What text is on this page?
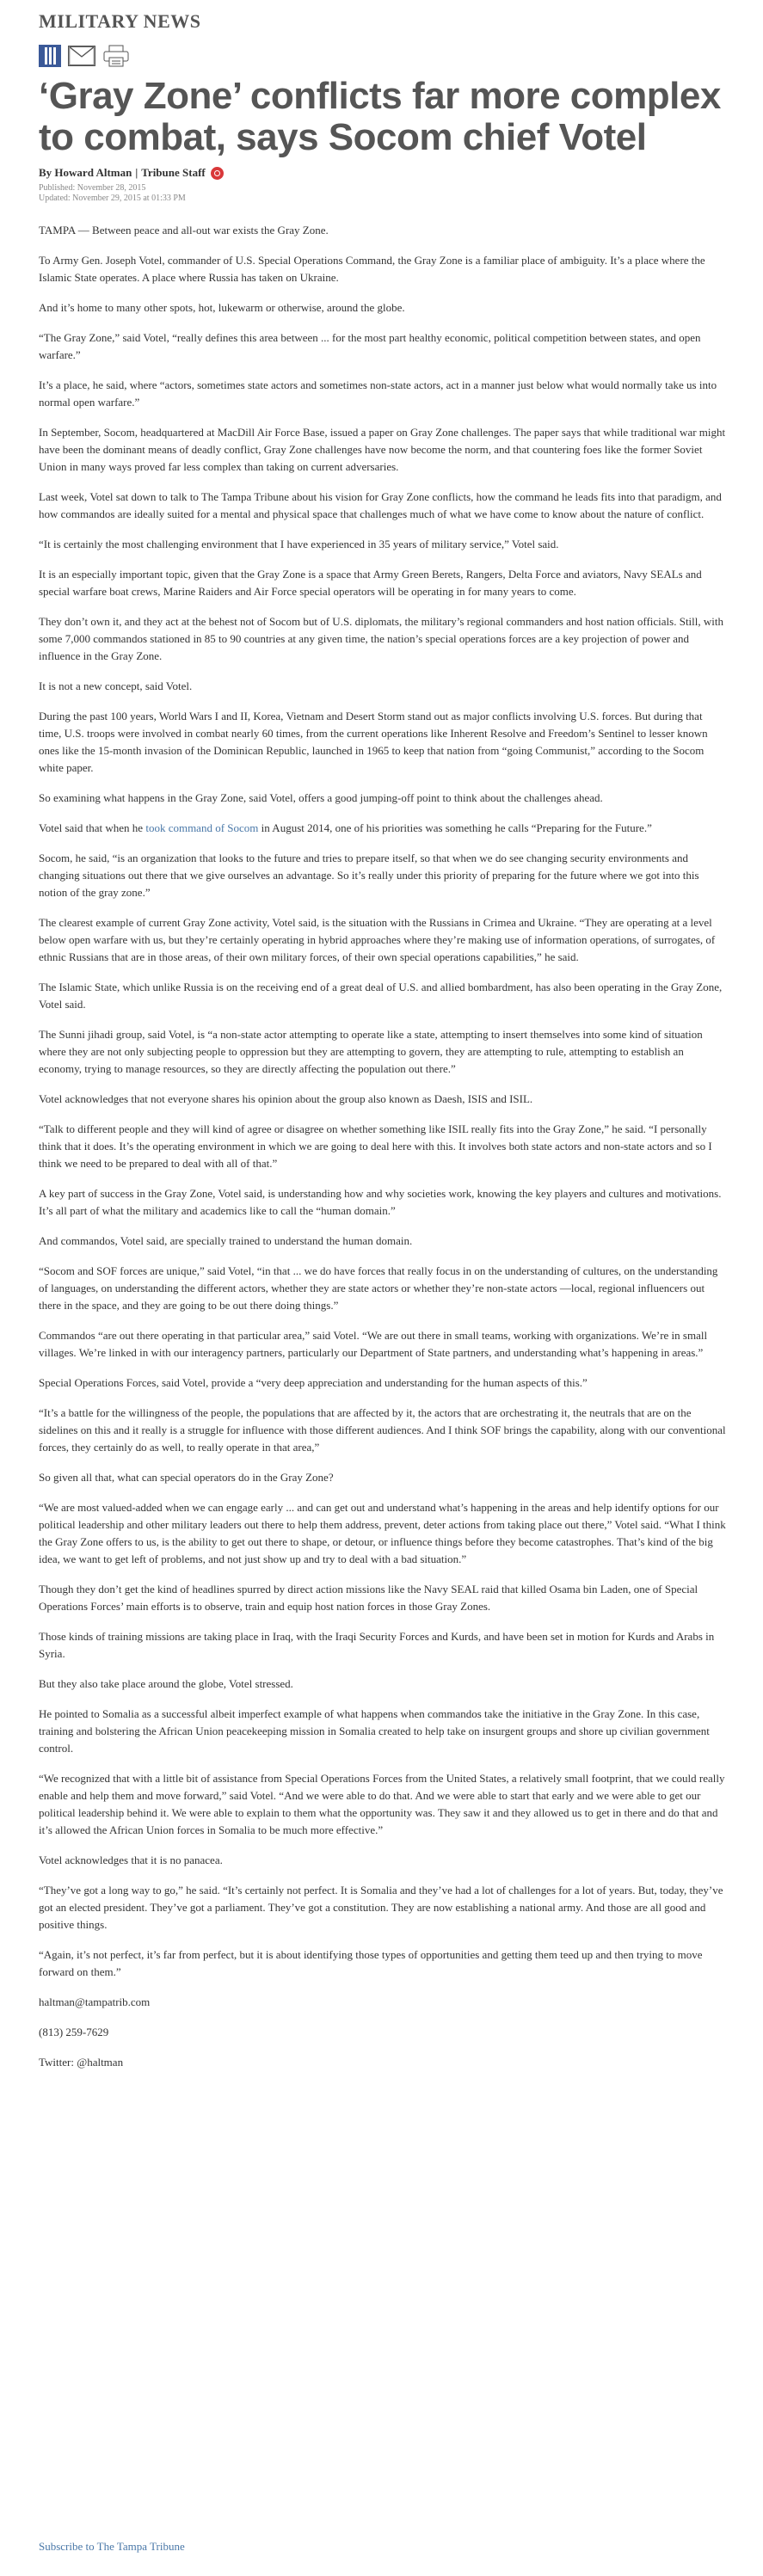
MILITARY NEWS
‘Gray Zone’ conflicts far more complex to combat, says Socom chief Votel
By Howard Altman | Tribune Staff
Published: November 28, 2015
Updated: November 29, 2015 at 01:33 PM

TAMPA — Between peace and all-out war exists the Gray Zone.

To Army Gen. Joseph Votel, commander of U.S. Special Operations Command, the Gray Zone is a familiar place of ambiguity. It’s a place where the Islamic State operates. A place where Russia has taken on Ukraine.

And it’s home to many other spots, hot, lukewarm or otherwise, around the globe.

“The Gray Zone,” said Votel, “really defines this area between ... for the most part healthy economic, political competition between states, and open warfare.”

It’s a place, he said, where “actors, sometimes state actors and sometimes non-state actors, act in a manner just below what would normally take us into normal open warfare.”

In September, Socom, headquartered at MacDill Air Force Base, issued a paper on Gray Zone challenges. The paper says that while traditional war might have been the dominant means of deadly conflict, Gray Zone challenges have now become the norm, and that countering foes like the former Soviet Union in many ways proved far less complex than taking on current adversaries.

Last week, Votel sat down to talk to The Tampa Tribune about his vision for Gray Zone conflicts, how the command he leads fits into that paradigm, and how commandos are ideally suited for a mental and physical space that challenges much of what we have come to know about the nature of conflict.

“It is certainly the most challenging environment that I have experienced in 35 years of military service,” Votel said.

It is an especially important topic, given that the Gray Zone is a space that Army Green Berets, Rangers, Delta Force and aviators, Navy SEALs and special warfare boat crews, Marine Raiders and Air Force special operators will be operating in for many years to come.

They don’t own it, and they act at the behest not of Socom but of U.S. diplomats, the military’s regional commanders and host nation officials. Still, with some 7,000 commandos stationed in 85 to 90 countries at any given time, the nation’s special operations forces are a key projection of power and influence in the Gray Zone.

It is not a new concept, said Votel.

During the past 100 years, World Wars I and II, Korea, Vietnam and Desert Storm stand out as major conflicts involving U.S. forces. But during that time, U.S. troops were involved in combat nearly 60 times, from the current operations like Inherent Resolve and Freedom’s Sentinel to lesser known ones like the 15-month invasion of the Dominican Republic, launched in 1965 to keep that nation from “going Communist,” according to the Socom white paper.

So examining what happens in the Gray Zone, said Votel, offers a good jumping-off point to think about the challenges ahead.

Votel said that when he took command of Socom in August 2014, one of his priorities was something he calls “Preparing for the Future.”

Socom, he said, “is an organization that looks to the future and tries to prepare itself, so that when we do see changing security environments and changing situations out there that we give ourselves an advantage. So it’s really under this priority of preparing for the future where we got into this notion of the gray zone.”

The clearest example of current Gray Zone activity, Votel said, is the situation with the Russians in Crimea and Ukraine. “They are operating at a level below open warfare with us, but they’re certainly operating in hybrid approaches where they’re making use of information operations, of surrogates, of ethnic Russians that are in those areas, of their own military forces, of their own special operations capabilities,” he said.

The Islamic State, which unlike Russia is on the receiving end of a great deal of U.S. and allied bombardment, has also been operating in the Gray Zone, Votel said.

The Sunni jihadi group, said Votel, is “a non-state actor attempting to operate like a state, attempting to insert themselves into some kind of situation where they are not only subjecting people to oppression but they are attempting to govern, they are attempting to rule, attempting to establish an economy, trying to manage resources, so they are directly affecting the population out there.”

Votel acknowledges that not everyone shares his opinion about the group also known as Daesh, ISIS and ISIL.

“Talk to different people and they will kind of agree or disagree on whether something like ISIL really fits into the Gray Zone,” he said. “I personally think that it does. It’s the operating environment in which we are going to deal here with this. It involves both state actors and non-state actors and so I think we need to be prepared to deal with all of that.”

A key part of success in the Gray Zone, Votel said, is understanding how and why societies work, knowing the key players and cultures and motivations. It’s all part of what the military and academics like to call the “human domain.”

And commandos, Votel said, are specially trained to understand the human domain.

“Socom and SOF forces are unique,” said Votel, “in that ... we do have forces that really focus in on the understanding of cultures, on the understanding of languages, on understanding the different actors, whether they are state actors or whether they’re non-state actors —local, regional influencers out there in the space, and they are going to be out there doing things.”

Commandos “are out there operating in that particular area,” said Votel. “We are out there in small teams, working with organizations. We’re in small villages. We’re linked in with our interagency partners, particularly our Department of State partners, and understanding what’s happening in areas.”

Special Operations Forces, said Votel, provide a “very deep appreciation and understanding for the human aspects of this.”

“It’s a battle for the willingness of the people, the populations that are affected by it, the actors that are orchestrating it, the neutrals that are on the sidelines on this and it really is a struggle for influence with those different audiences. And I think SOF brings the capability, along with our conventional forces, they certainly do as well, to really operate in that area,”

So given all that, what can special operators do in the Gray Zone?

“We are most valued-added when we can engage early ... and can get out and understand what’s happening in the areas and help identify options for our political leadership and other military leaders out there to help them address, prevent, deter actions from taking place out there,” Votel said. “What I think the Gray Zone offers to us, is the ability to get out there to shape, or detour, or influence things before they become catastrophes. That’s kind of the big idea, we want to get left of problems, and not just show up and try to deal with a bad situation.”

Though they don’t get the kind of headlines spurred by direct action missions like the Navy SEAL raid that killed Osama bin Laden, one of Special Operations Forces’ main efforts is to observe, train and equip host nation forces in those Gray Zones.

Those kinds of training missions are taking place in Iraq, with the Iraqi Security Forces and Kurds, and have been set in motion for Kurds and Arabs in Syria.

But they also take place around the globe, Votel stressed.

He pointed to Somalia as a successful albeit imperfect example of what happens when commandos take the initiative in the Gray Zone. In this case, training and bolstering the African Union peacekeeping mission in Somalia created to help take on insurgent groups and shore up civilian government control.

“We recognized that with a little bit of assistance from Special Operations Forces from the United States, a relatively small footprint, that we could really enable and help them and move forward,” said Votel. “And we were able to do that. And we were able to start that early and we were able to get our political leadership behind it. We were able to explain to them what the opportunity was. They saw it and they allowed us to get in there and do that and it’s allowed the African Union forces in Somalia to be much more effective.”

Votel acknowledges that it is no panacea.

“They’ve got a long way to go,” he said. “It’s certainly not perfect. It is Somalia and they’ve had a lot of challenges for a lot of years. But, today, they’ve got an elected president. They’ve got a parliament. They’ve got a constitution. They are now establishing a national army. And those are all good and positive things.

“Again, it’s not perfect, it’s far from perfect, but it is about identifying those types of opportunities and getting them teed up and then trying to move forward on them.”

haltman@tampatrib.com

(813) 259-7629

Twitter: @haltman

Subscribe to The Tampa Tribune
